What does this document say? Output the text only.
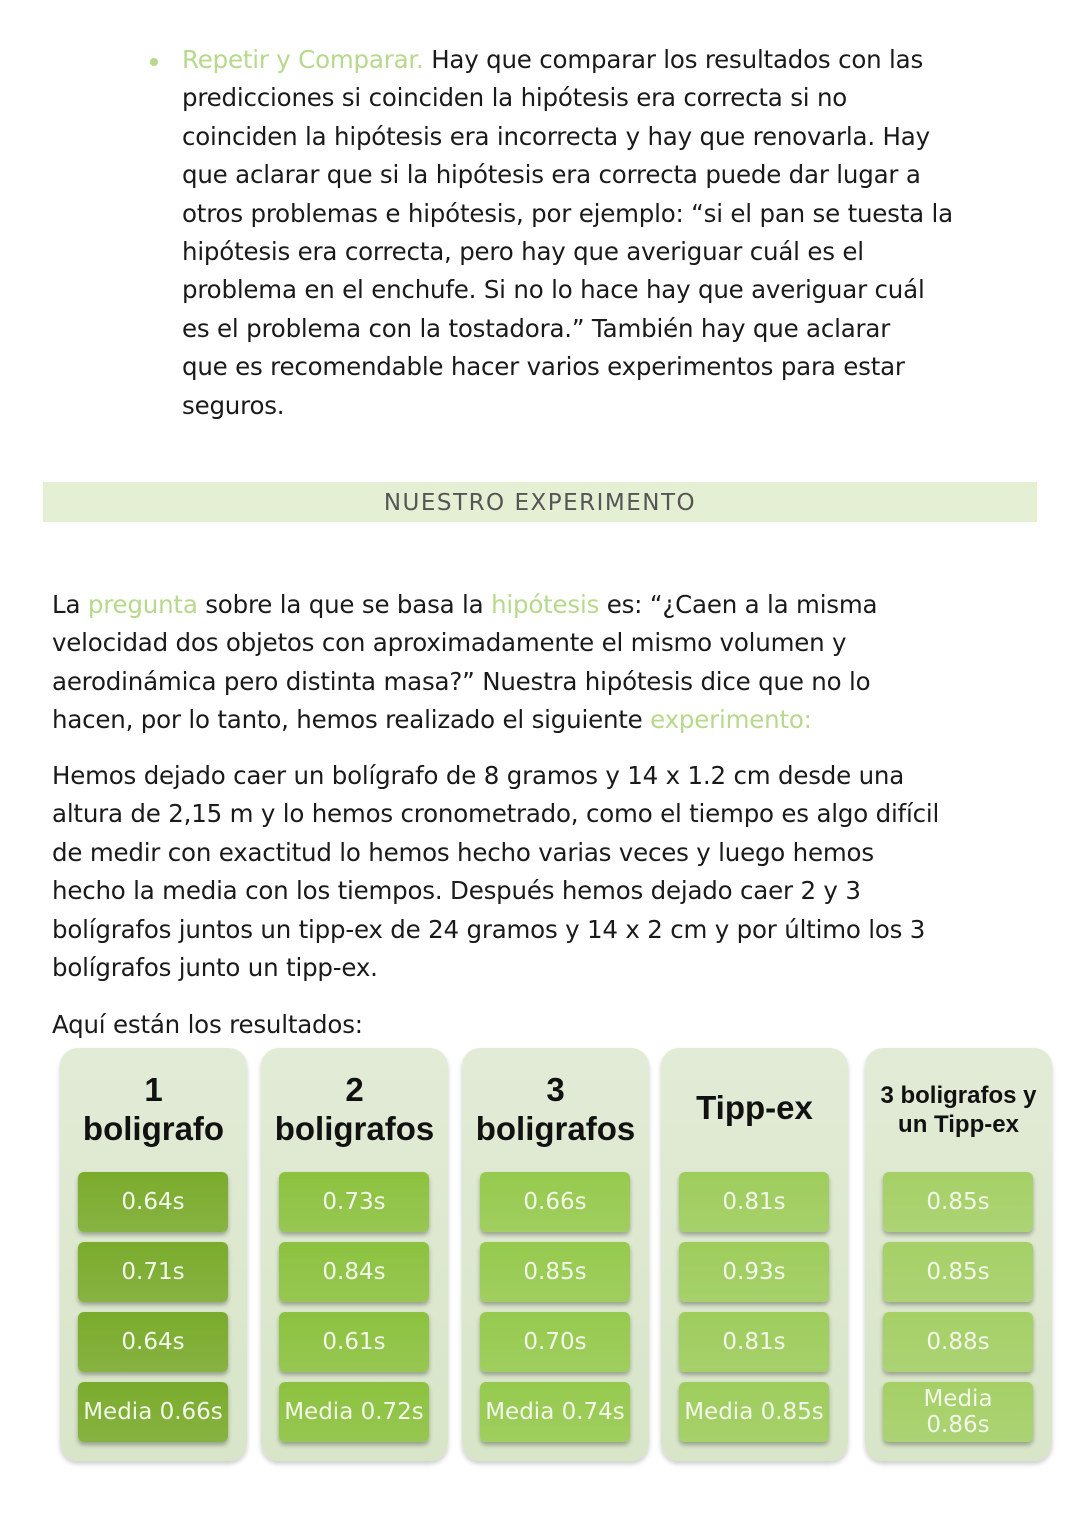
Repetir y Comparar. Hay que comparar los resultados con las
predicciones si coinciden la hipótesis era correcta si no
coinciden la hipótesis era incorrecta y hay que renovarla. Hay
que aclarar que si la hipótesis era correcta puede dar lugar a
otros problemas e hipótesis, por ejemplo: “si el pan se tuesta la
hipótesis era correcta, pero hay que averiguar cuál es el
problema en el enchufe. Si no lo hace hay que averiguar cuál
es el problema con la tostadora.” También hay que aclarar
que es recomendable hacer varios experimentos para estar
seguros.
NUESTRO EXPERIMENTO
La pregunta sobre la que se basa la hipótesis es: “¿Caen a la misma
velocidad dos objetos con aproximadamente el mismo volumen y
aerodinámica pero distinta masa?” Nuestra hipótesis dice que no lo
hacen, por lo tanto, hemos realizado el siguiente experimento:
Hemos dejado caer un bolígrafo de 8 gramos y 14 x 1.2 cm desde una
altura de 2,15 m y lo hemos cronometrado, como el tiempo es algo difícil
de medir con exactitud lo hemos hecho varias veces y luego hemos
hecho la media con los tiempos. Después hemos dejado caer 2 y 3
bolígrafos juntos un tipp-ex de 24 gramos y 14 x 2 cm y por último los 3
bolígrafos junto un tipp-ex.
Aquí están los resultados:
1
boligrafo
0.64s
0.71s
0.64s
Media 0.66s
2
boligrafos
0.73s
0.84s
0.61s
Media 0.72s
3
boligrafos
0.66s
0.85s
0.70s
Media 0.74s
Tipp-ex
0.81s
0.93s
0.81s
Media 0.85s
3 boligrafos y un Tipp-ex
0.85s
0.85s
0.88s
Media 0.86s
